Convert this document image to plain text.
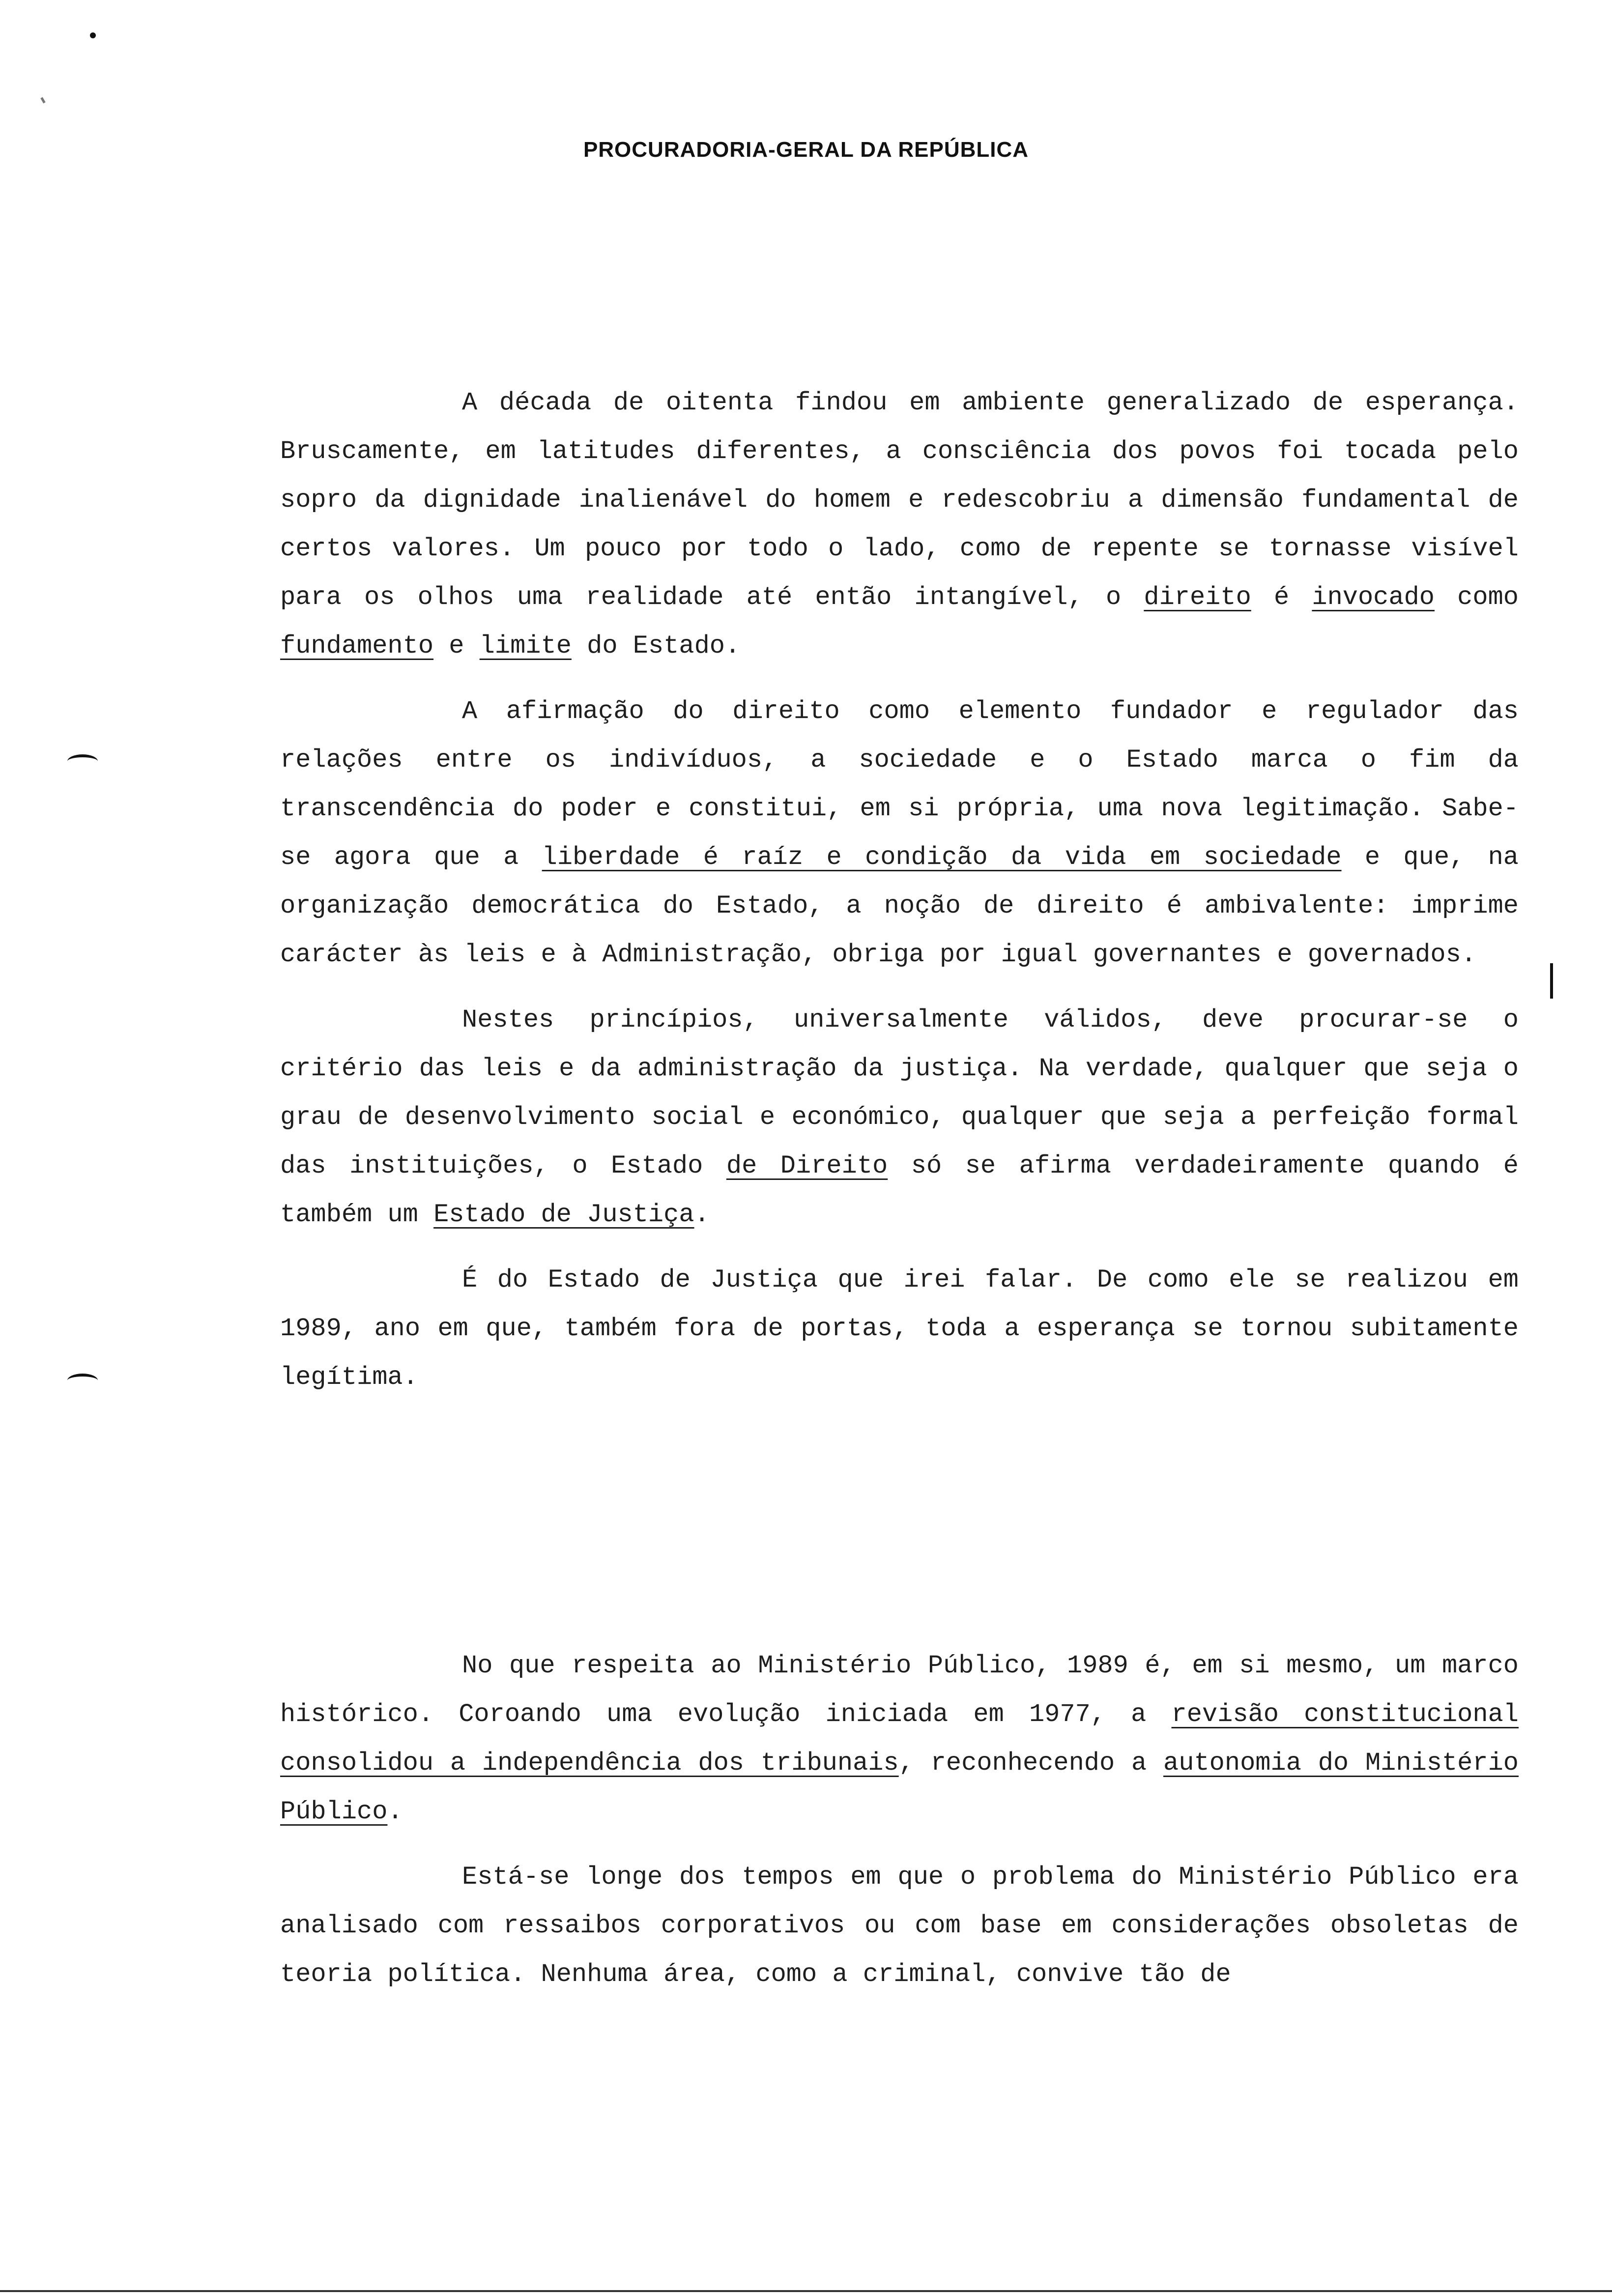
PROCURADORIA-GERAL DA REPÚBLICA

A década de oitenta findou em ambiente generalizado de esperança. Bruscamente, em latitudes diferentes, a consciência dos povos foi tocada pelo sopro da dignidade inalienável do homem e redescobriu a dimensão fundamental de certos valores. Um pouco por todo o lado, como de repente se tornasse visível para os olhos uma realidade até então intangível, o direito é invocado como fundamento e limite do Estado.

A afirmação do direito como elemento fundador e regulador das relações entre os indivíduos, a sociedade e o Estado marca o fim da transcendência do poder e constitui, em si própria, uma nova legitimação. Sabe-se agora que a liberdade é raíz e condição da vida em sociedade e que, na organização democrática do Estado, a noção de direito é ambivalente: imprime carácter às leis e à Administração, obriga por igual governantes e governados.

Nestes princípios, universalmente válidos, deve procurar-se o critério das leis e da administração da justiça. Na verdade, qualquer que seja o grau de desenvolvimento social e económico, qualquer que seja a perfeição formal das instituições, o Estado de Direito só se afirma verdadeiramente quando é também um Estado de Justiça.

É do Estado de Justiça que irei falar. De como ele se realizou em 1989, ano em que, também fora de portas, toda a esperança se tornou subitamente legítima.

No que respeita ao Ministério Público, 1989 é, em si mesmo, um marco histórico. Coroando uma evolução iniciada em 1977, a revisão constitucional consolidou a independência dos tribunais, reconhecendo a autonomia do Ministério Público.

Está-se longe dos tempos em que o problema do Ministério Público era analisado com ressaibos corporativos ou com base em considerações obsoletas de teoria política. Nenhuma área, como a criminal, convive tão de
